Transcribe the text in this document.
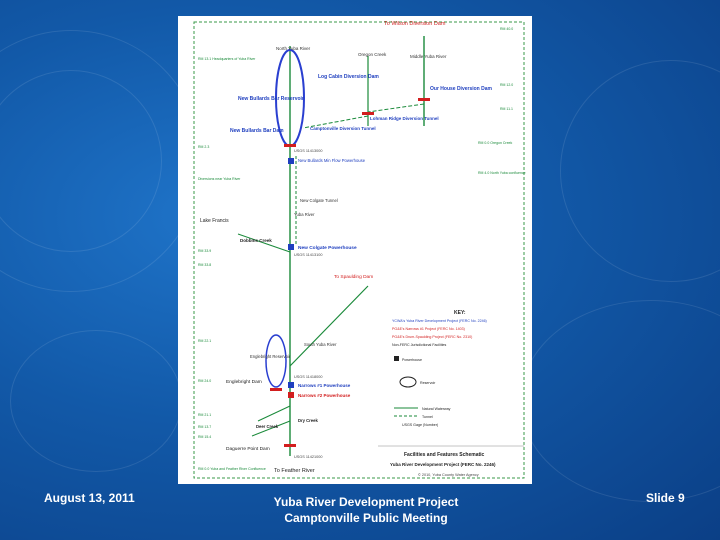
To Wilson Diversion Dam
To Feather River
North Yuba River
Oregon Creek	Middle Yuba River
Log Cabin Diversion Dam
Our House Diversion Dam
New Bullards Bar Reservoir
New Bullards Bar Dam
Lohman Ridge Diversion Tunnel
Camptonville Diversion Tunnel
New Bullards Min Flow Powerhouse
New Colgate Tunnel
Yuba River
Lake Francis
Dobbins Creek
New Colgate Powerhouse
To Spaulding Dam
South Yuba River
Englebright Reservoir
Englebright Dam
Narrows #1 Powerhouse
Narrows #2 Powerhouse
Deer Creek
Dry Creek
Daguerre Point Dam
USGS 11413000
USGS 11413100
USGS 11418000
USGS 11421000
RM 13.1 Headquarters of Yuba River
RM 2.3
Diversions near Yuba River
RM 33.9
RM 33.8
RM 22.1
RM 24.0
RM 21.1
RM 13.7
RM 15.4
RM 0.0 Yuba and Feather River Confluence
RM 40.0
RM 12.0
RM 11.1
RM 0.0 Oregon Creek
RM 4.0 North Yuba confluence
KEY:
YCWA's Yuba River Development Project (FERC No. 2246)
PG&E's Narrows #1 Project (FERC No. 1403)
PG&E's Drum-Spaulding Project (FERC No. 2310)
Non-FERC Jurisdictional Facilities
Powerhouse
Reservoir
Natural Waterway
Tunnel
USGS Gage (Number)
Facilities and Features Schematic
Yuba River Development Project (FERC No. 2246)
© 2010, Yuba County Water Agency
August 13, 2011	Yuba River Development Project
Camptonville Public Meeting
Slide 9
